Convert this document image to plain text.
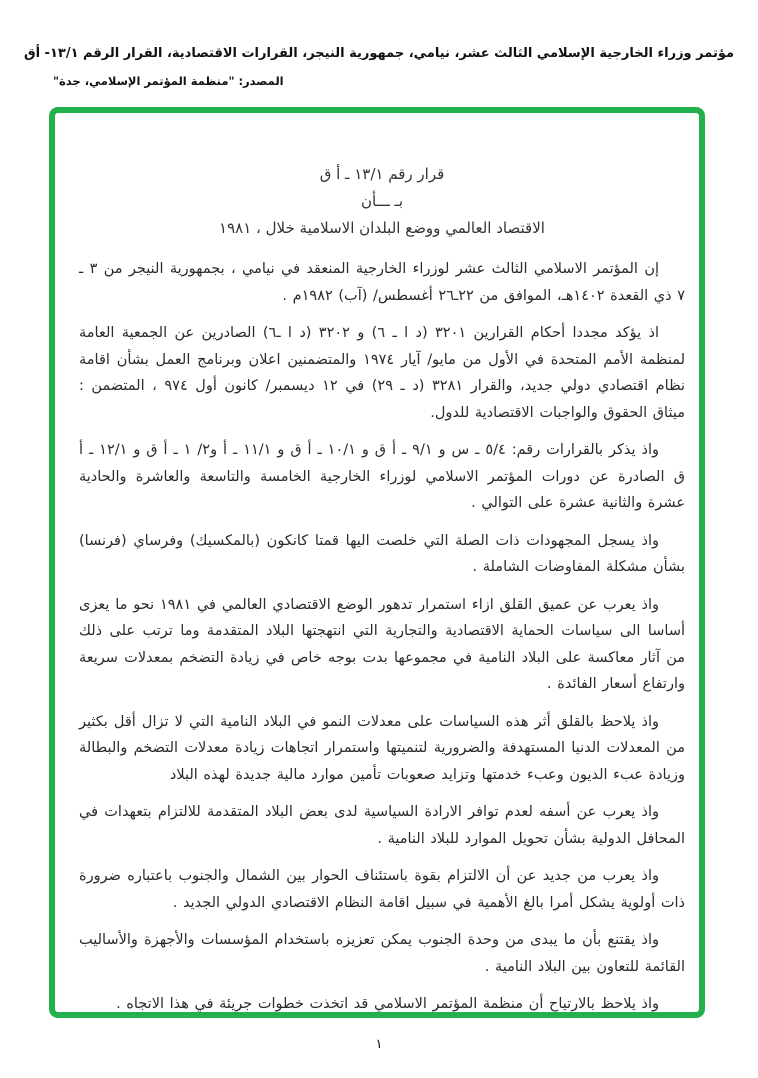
مؤتمر وزراء الخارجية الإسلامي الثالث عشر، نيامي، جمهورية النيجر، القرارات الاقتصادية، القرار الرقم ١٣/١- أق
المصدر: "منظمة المؤتمر الإسلامي، جدة"
قرار رقم ١٣/١ ـ أ ق
بـ ـــأن
الاقتصاد العالمي ووضع البلدان الاسلامية خلال ، ١٩٨١
إن المؤتمر الاسلامي الثالث عشر لوزراء الخارجية المنعقد في نيامي ، بجمهورية النيجر من ٣ ـ ٧ ذي القعدة ١٤٠٢هـ، الموافق من ٢٢ـ٢٦ أغسطس/ (آب) ١٩٨٢م .
اذ يؤكد مجددا أحكام القرارين ٣٢٠١ (د ا ـ ٦) و ٣٢٠٢ (د ا ـ٦) الصادرين عن الجمعية العامة لمنظمة الأمم المتحدة في الأول من مايو/ آيار ١٩٧٤ والمتضمنين اعلان وبرنامج العمل بشأن اقامة نظام اقتصادي دولي جديد، والقرار ٣٢٨١ (د ـ ٢٩) في ١٢ ديسمبر/ كانون أول ٩٧٤ ، المتضمن : ميثاق الحقوق والواجبات الاقتصادية للدول.
واذ يذكر بالقرارات رقم: ٥/٤ ـ س و ٩/١ ـ أ ق و ١٠/١ ـ أ ق و ١١/١ ـ أ و٢/ ١ ـ أ ق و ١٢/١ ـ أ ق الصادرة عن دورات المؤتمر الاسلامي لوزراء الخارجية الخامسة والتاسعة والعاشرة والحادية عشرة والثانية عشرة على التوالي .
واذ يسجل المجهودات ذات الصلة التي خلصت اليها قمتا كانكون (بالمكسيك) وفرساي (فرنسا) بشأن مشكلة المفاوضات الشاملة .
واذ يعرب عن عميق القلق ازاء استمرار تدهور الوضع الاقتصادي العالمي في ١٩٨١ نحو ما يعزى أساسا الى سياسات الحماية الاقتصادية والتجارية التي انتهجتها البلاد المتقدمة وما ترتب على ذلك من آثار معاكسة على البلاد النامية في مجموعها بدت بوجه خاص في زيادة التضخم بمعدلات سريعة وارتفاع أسعار الفائدة .
واذ يلاحظ بالقلق أثر هذه السياسات على معدلات النمو في البلاد النامية التي لا تزال أقل بكثير من المعدلات الدنيا المستهدفة والضرورية لتنميتها واستمرار اتجاهات زيادة معدلات التضخم والبطالة وزيادة عبء الديون وعبء خدمتها وتزايد صعوبات تأمين موارد مالية جديدة لهذه البلاد
واذ يعرب عن أسفه لعدم توافر الارادة السياسية لدى بعض البلاد المتقدمة للالتزام بتعهدات في المحافل الدولية بشأن تحويل الموارد للبلاد النامية .
واذ يعرب من جديد عن أن الالتزام بقوة باستئناف الحوار بين الشمال والجنوب باعتباره ضرورة ذات أولوية يشكل أمرا بالغ الأهمية في سبيل اقامة النظام الاقتصادي الدولي الجديد .
واذ يقتنع بأن ما يبدى من وحدة الجنوب يمكن تعزيزه باستخدام المؤسسات والأجهزة والأساليب القائمة للتعاون بين البلاد النامية .
واذ يلاحظ بالارتياح أن منظمة المؤتمر الاسلامي قد اتخذت خطوات جريئة في هذا الاتجاه .
١
